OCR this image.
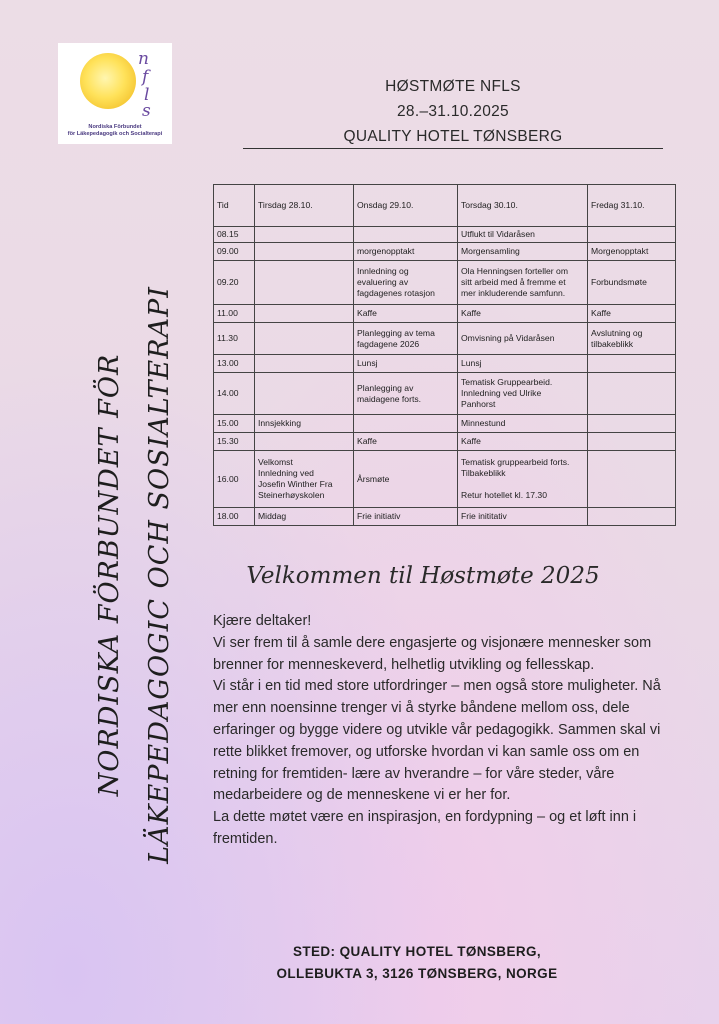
n
f
l
s
Nordiska Förbundet
för Läkepedagogik och Socialterapi
HØSTMØTE NFLS
28.–31.10.2025
QUALITY HOTEL TØNSBERG
Tid	Tirsdag 28.10.	Onsdag 29.10.	Torsdag 30.10.	Fredag 31.10.
08.15			Utflukt til Vidaråsen	
09.00		morgenopptakt	Morgensamling	Morgenopptakt
09.20		Innledning og
evaluering av
fagdagenes rotasjon	Ola Henningsen forteller om
sitt arbeid med å fremme et
mer inkluderende samfunn.	Forbundsmøte
11.00		Kaffe	Kaffe	Kaffe
11.30		Planlegging av tema
fagdagene 2026	Omvisning på Vidaråsen	Avslutning og
tilbakeblikk
13.00		Lunsj	Lunsj	
14.00		Planlegging av
maidagene forts.	Tematisk Gruppearbeid.
Innledning ved Ulrike
Panhorst	
15.00	Innsjekking		Minnestund	
15.30		Kaffe	Kaffe	
16.00	Velkomst
Innledning ved
Josefin Winther Fra
Steinerhøyskolen	Årsmøte	Tematisk gruppearbeid forts.
Tilbakeblikk

Retur hotellet kl. 17.30	
18.00	Middag	Frie initiativ	Frie inititativ	
NORDISKA FÖRBUNDET FÖR LÄKEPEDAGOGIC OCH SOSIALTERAPI	Velkommen til Høstmøte 2025

Kjære deltaker!

Vi ser frem til å samle dere engasjerte og visjonære mennesker som brenner for menneskeverd, helhetlig utvikling og fellesskap.

Vi står i en tid med store utfordringer – men også store muligheter. Nå mer enn noensinne trenger vi å styrke båndene mellom oss, dele erfaringer og bygge videre og utvikle vår pedagogikk. Sammen skal vi rette blikket fremover, og utforske hvordan vi kan samle oss om en retning for fremtiden- lære av hverandre – for våre steder, våre medarbeidere og de menneskene vi er her for.

La dette møtet være en inspirasjon, en fordypning – og et løft inn i fremtiden.

STED: QUALITY HOTEL TØNSBERG,
OLLEBUKTA 3, 3126 TØNSBERG, NORGE
